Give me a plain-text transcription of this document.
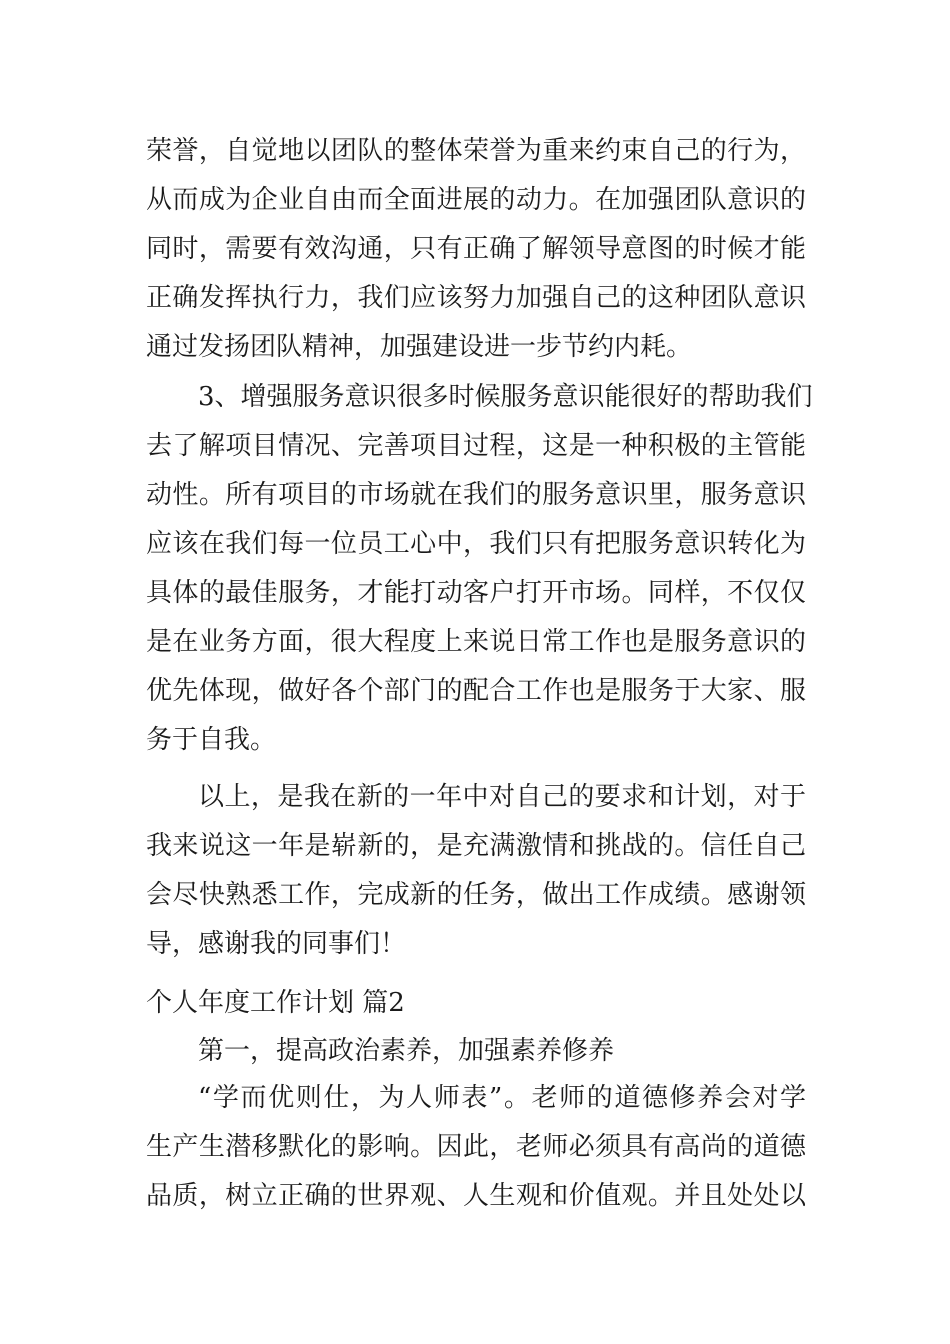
荣誉，自觉地以团队的整体荣誉为重来约束自己的行为，
从而成为企业自由而全面进展的动力。在加强团队意识的
同时，需要有效沟通，只有正确了解领导意图的时候才能
正确发挥执行力，我们应该努力加强自己的这种团队意识
通过发扬团队精神，加强建设进一步节约内耗。
3、增强服务意识很多时候服务意识能很好的帮助我们
去了解项目情况、完善项目过程，这是一种积极的主管能
动性。所有项目的市场就在我们的服务意识里，服务意识
应该在我们每一位员工心中，我们只有把服务意识转化为
具体的最佳服务，才能打动客户打开市场。同样，不仅仅
是在业务方面，很大程度上来说日常工作也是服务意识的
优先体现，做好各个部门的配合工作也是服务于大家、服
务于自我。
以上，是我在新的一年中对自己的要求和计划，对于
我来说这一年是崭新的，是充满激情和挑战的。信任自己
会尽快熟悉工作，完成新的任务，做出工作成绩。感谢领
导，感谢我的同事们！
个人年度工作计划 篇2
第一，提高政治素养，加强素养修养
“学而优则仕，为人师表”。老师的道德修养会对学
生产生潜移默化的影响。因此，老师必须具有高尚的道德
品质，树立正确的世界观、人生观和价值观。并且处处以
